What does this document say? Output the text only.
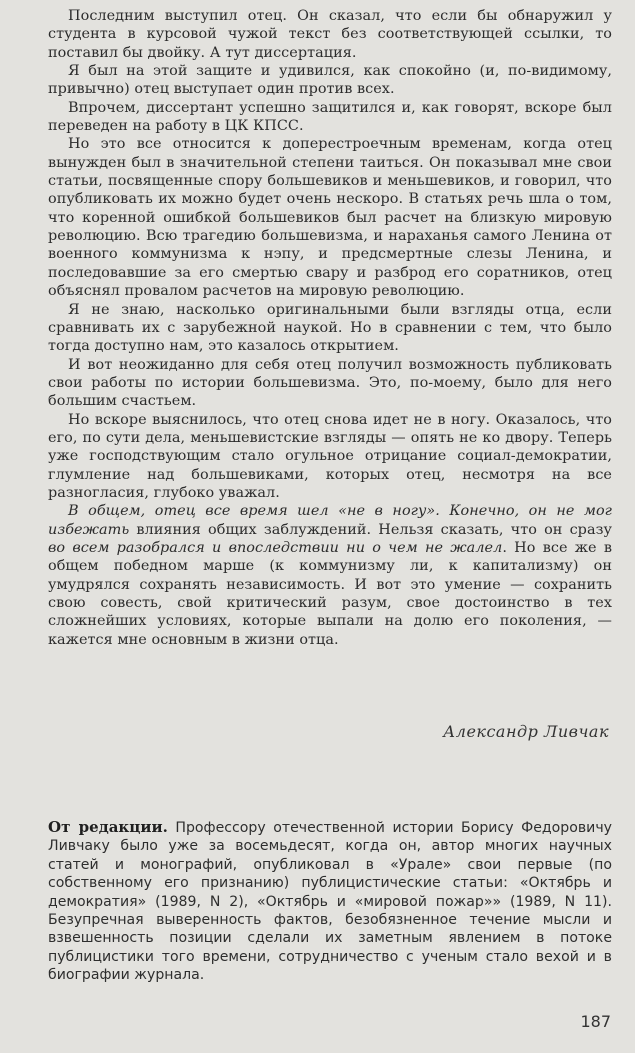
Последним выступил отец. Он сказал, что если бы обнаружил у студента в курсовой чужой текст без соответствующей ссылки, то поставил бы двойку. А тут диссертация.

Я был на этой защите и удивился, как спокойно (и, по-видимому, привычно) отец выступает один против всех.

Впрочем, диссертант успешно защитился и, как говорят, вскоре был переведен на работу в ЦК КПСС.

Но это все относится к доперестроечным временам, когда отец вынужден был в значительной степени таиться. Он показывал мне свои статьи, посвященные спору большевиков и меньшевиков, и говорил, что опубликовать их можно будет очень нескоро. В статьях речь шла о том, что коренной ошибкой большевиков был расчет на близкую мировую революцию. Всю трагедию большевизма, и нараханья самого Ленина от военного коммунизма к нэпу, и предсмертные слезы Ленина, и последовавшие за его смертью свару и разброд его соратников, отец объяснял провалом расчетов на мировую революцию.

Я не знаю, насколько оригинальными были взгляды отца, если сравнивать их с зарубежной наукой. Но в сравнении с тем, что было тогда доступно нам, это казалось открытием.

И вот неожиданно для себя отец получил возможность публиковать свои работы по истории большевизма. Это, по-моему, было для него большим счастьем.

Но вскоре выяснилось, что отец снова идет не в ногу. Оказалось, что его, по сути дела, меньшевистские взгляды — опять не ко двору. Теперь уже господствующим стало огульное отрицание социал-демократии, глумление над большевиками, которых отец, несмотря на все разногласия, глубоко уважал.

В общем, отец все время шел «не в ногу». Конечно, он не мог избежать влияния общих заблуждений. Нельзя сказать, что он сразу во всем разобрался и впоследствии ни о чем не жалел. Но все же в общем победном марше (к коммунизму ли, к капитализму) он умудрялся сохранять независимость. И вот это умение — сохранить свою совесть, свой критический разум, свое достоинство в тех сложнейших условиях, которые выпали на долю его поколения, — кажется мне основным в жизни отца.

Александр Ливчак

От редакции. Профессору отечественной истории Борису Федоровичу Ливчаку было уже за восемьдесят, когда он, автор многих научных статей и монографий, опубликовал в «Урале» свои первые (по собственному его признанию) публицистические статьи: «Октябрь и демократия» (1989, N 2), «Октябрь и «мировой пожар»» (1989, N 11). Безупречная выверенность фактов, безобязненное течение мысли и взвешенность позиции сделали их заметным явлением в потоке публицистики того времени, сотрудничество с ученым стало вехой и в биографии журнала.

187
